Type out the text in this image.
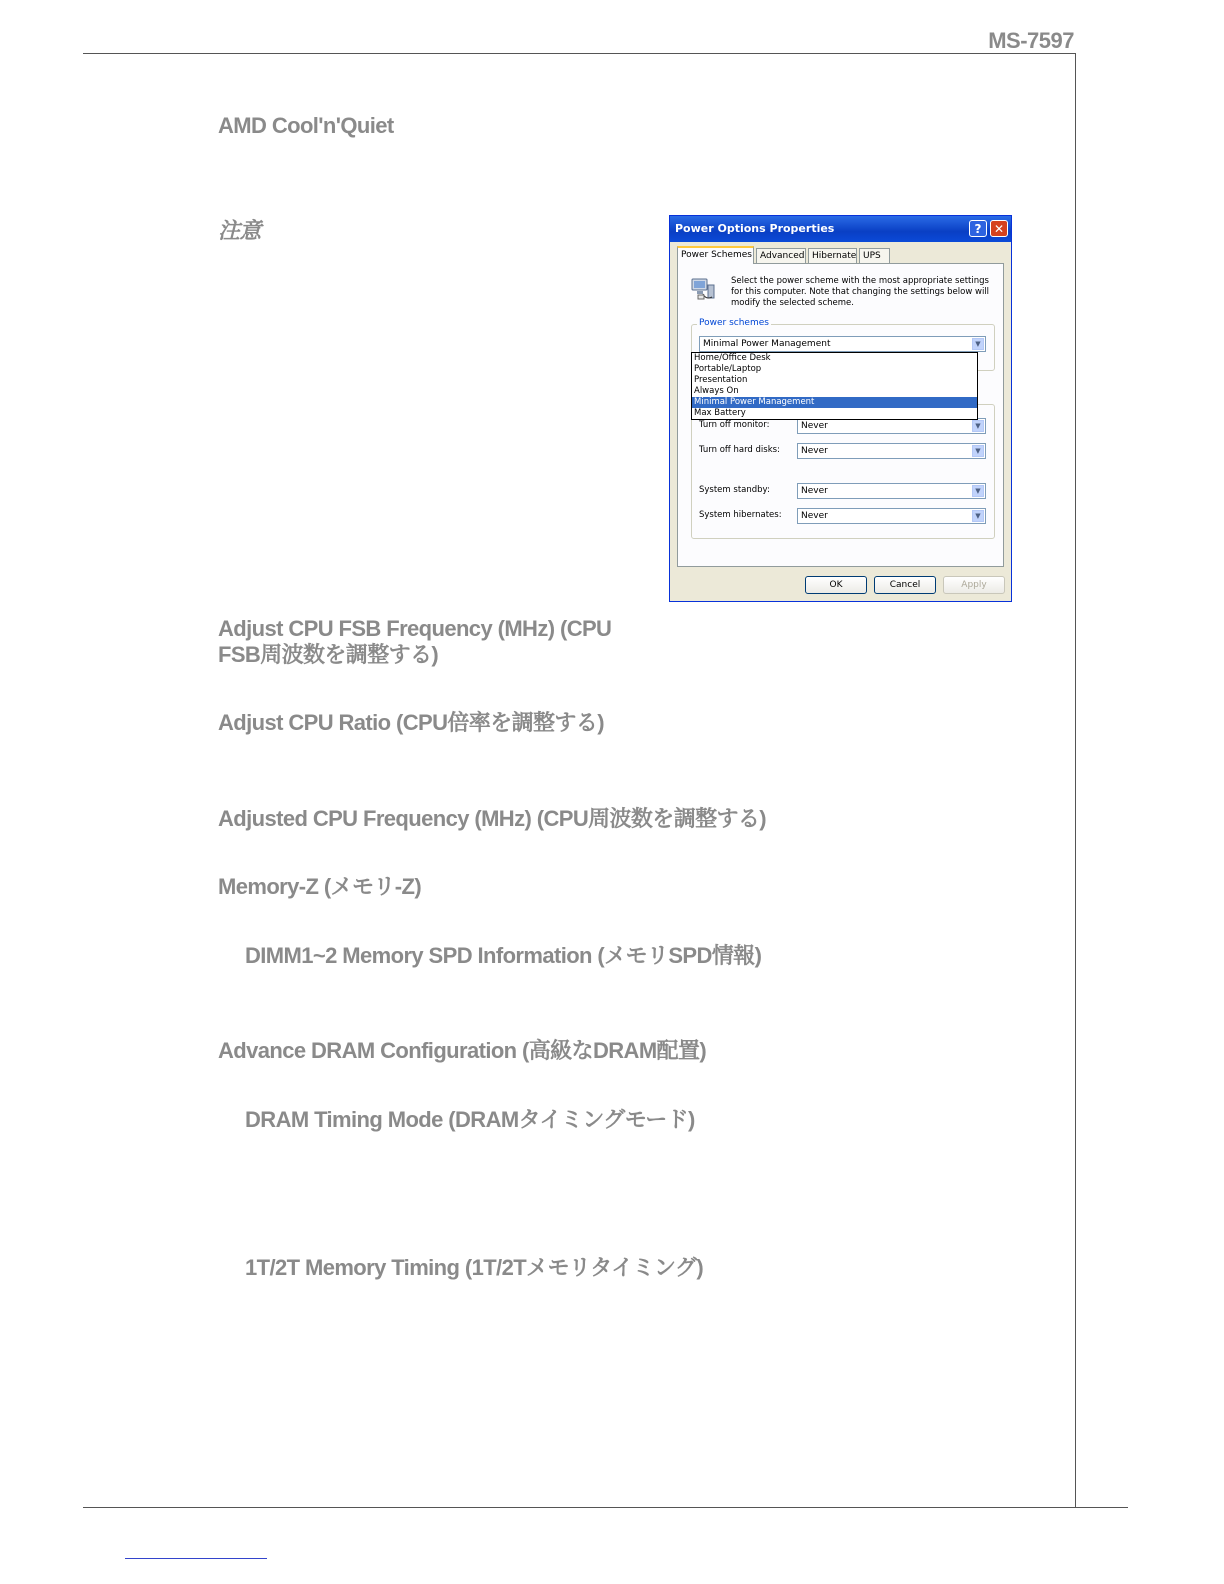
MS-7597
AMD Cool'n'Quiet
注意
Adjust CPU FSB Frequency (MHz) (CPU
FSB周波数を調整する)
Adjust CPU Ratio (CPU倍率を調整する)
Adjusted CPU Frequency (MHz) (CPU周波数を調整する)
Memory-Z (メモリ-Z)
DIMM1~2 Memory SPD Information (メモリSPD情報)
Advance DRAM Configuration (高級なDRAM配置)
DRAM Timing Mode (DRAMタイミングモード)
1T/2T Memory Timing (1T/2Tメモリタイミング)
Power Options Properties	?	✕
Power Schemes Advanced Hibernate UPS
Select the power scheme with the most appropriate settings for this computer. Note that changing the settings below will modify the selected scheme.
Power schemes
Minimal Power Management	▼
Turn off monitor:	Never	▼
Turn off hard disks:	Never	▼
System standby:	Never	▼
System hibernates:	Never	▼
Home/Office Desk
Portable/Laptop
Presentation
Always On
Minimal Power Management
Max Battery
OK	Cancel	Apply
